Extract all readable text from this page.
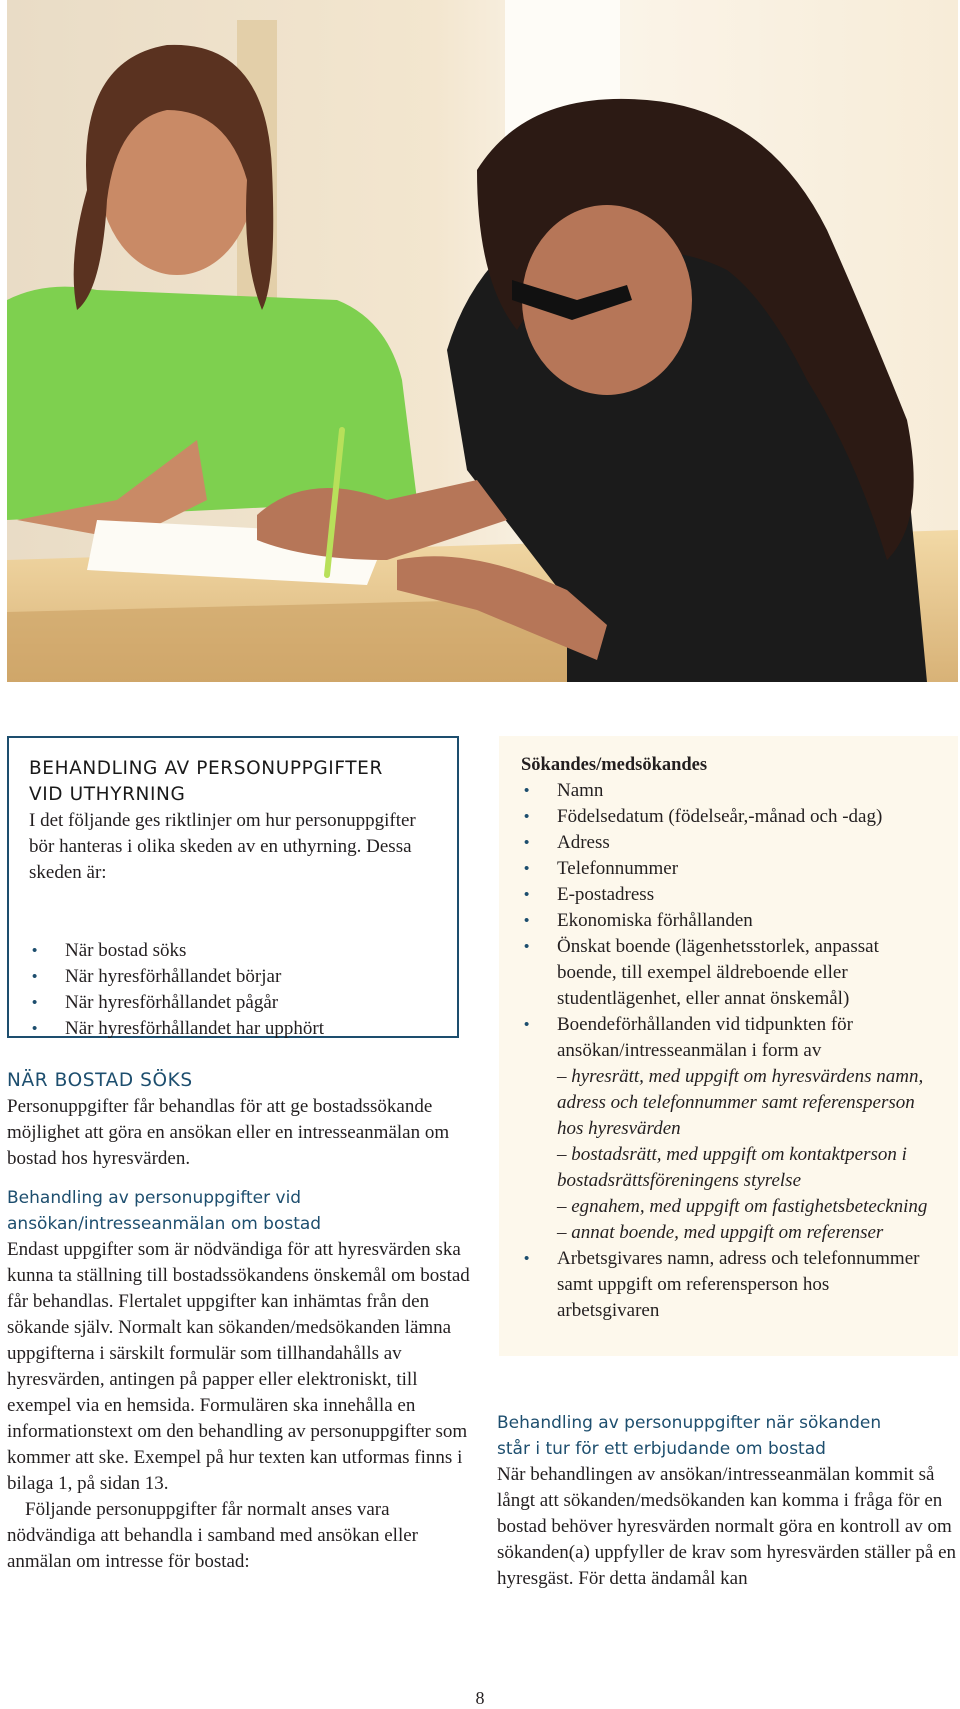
BEHANDLING AV PERSONUPPGIFTER
VID UTHYRNING

I det följande ges riktlinjer om hur personuppgifter bör hanteras i olika skeden av en uthyrning. Dessa skeden är:

• När bostad söks
• När hyresförhållandet börjar
• När hyresförhållandet pågår
• När hyresförhållandet har upphört
NÄR BOSTAD SÖKS

Personuppgifter får behandlas för att ge bostadssökande möjlighet att göra en ansökan eller en intresseanmälan om bostad hos hyresvärden.

Behandling av personuppgifter vid
ansökan/intresseanmälan om bostad

Endast uppgifter som är nödvändiga för att hyresvärden ska kunna ta ställning till bostadssökandens önskemål om bostad får behandlas. Flertalet uppgifter kan inhämtas från den sökande själv. Normalt kan sökanden/medsökanden lämna uppgifterna i särskilt formulär som tillhandahålls av hyresvärden, antingen på papper eller elektroniskt, till exempel via en hemsida. Formulären ska innehålla en informationstext om den behandling av personuppgifter som kommer att ske. Exempel på hur texten kan utformas finns i bilaga 1, på sidan 13.

Följande personuppgifter får normalt anses vara nödvändiga att behandla i samband med ansökan eller anmälan om intresse för bostad:

Sökandes/medsökandes
• Namn
• Födelsedatum (födelseår,-månad och -dag)
• Adress
• Telefonnummer
• E-postadress
• Ekonomiska förhållanden
• Önskat boende (lägenhetsstorlek, anpassat boende, till exempel äldreboende eller studentlägenhet, eller annat önskemål)
• Boendeförhållanden vid tidpunkten för ansökan/intresseanmälan i form av
– hyresrätt, med uppgift om hyresvärdens namn, adress och telefonnummer samt referensperson hos hyresvärden
– bostadsrätt, med uppgift om kontaktperson i bostadsrättsföreningens styrelse
– egnahem, med uppgift om fastighetsbeteckning
– annat boende, med uppgift om referenser
• Arbetsgivares namn, adress och telefonnummer samt uppgift om referensperson hos arbetsgivaren
Behandling av personuppgifter när sökanden
står i tur för ett erbjudande om bostad

När behandlingen av ansökan/intresseanmälan kommit så långt att sökanden/medsökanden kan komma i fråga för en bostad behöver hyresvärden normalt göra en kontroll av om sökanden(a) uppfyller de krav som hyresvärden ställer på en hyresgäst. För detta ändamål kan

8
